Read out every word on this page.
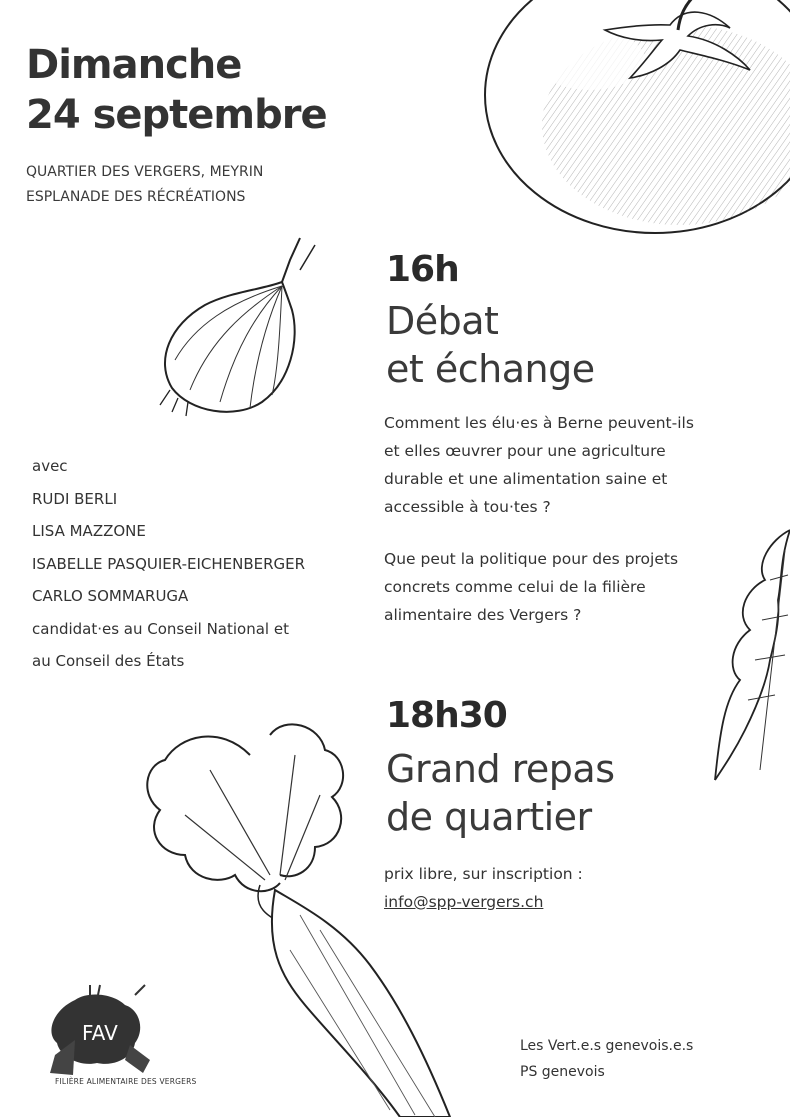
FAV
Dimanche
24 septembre
QUARTIER DES VERGERS, MEYRIN
ESPLANADE DES RÉCRÉATIONS
avec
RUDI BERLI
LISA MAZZONE
ISABELLE PASQUIER-EICHENBERGER
CARLO SOMMARUGA
candidat·es au Conseil National et
au Conseil des États
16h
Débat
et échange
Comment les élu·es à Berne peuvent-ils
et elles œuvrer pour une agriculture
durable et une alimentation saine et
accessible à tou·tes ?
Que peut la politique pour des projets
concrets comme celui de la filière
alimentaire des Vergers ?
18h30
Grand repas
de quartier
prix libre, sur inscription :
info@spp-vergers.ch
FILIÈRE ALIMENTAIRE DES VERGERS
Les Vert.e.s genevois.e.s
PS genevois
